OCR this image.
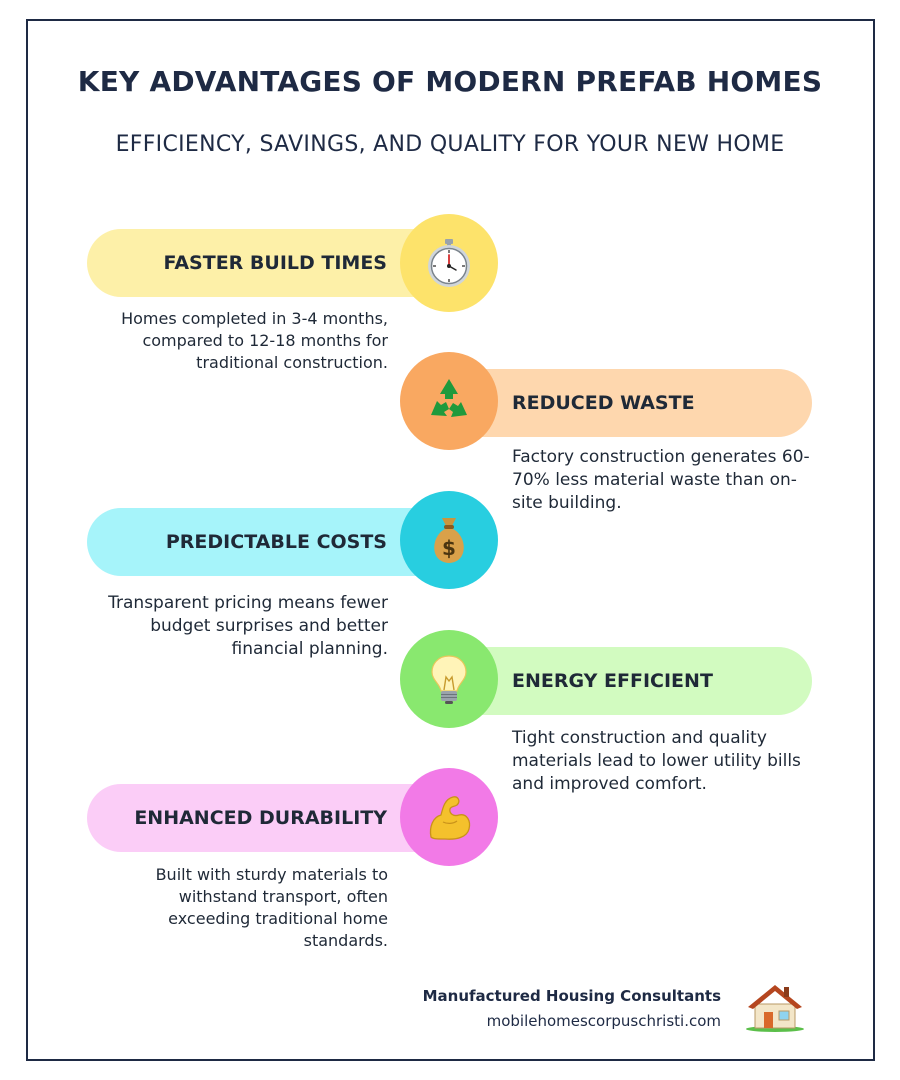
KEY ADVANTAGES OF MODERN PREFAB HOMES
EFFICIENCY, SAVINGS, AND QUALITY FOR YOUR NEW HOME
FASTER BUILD TIMES
Homes completed in 3-4 months, compared to 12-18 months for traditional construction.
REDUCED WASTE
Factory construction generates 60-70% less material waste than on-site building.
PREDICTABLE COSTS	$
Transparent pricing means fewer budget surprises and better financial planning.
ENERGY EFFICIENT
Tight construction and quality materials lead to lower utility bills and improved comfort.
ENHANCED DURABILITY
Built with sturdy materials to withstand transport, often exceeding traditional home standards.
Manufactured Housing Consultants
mobilehomescorpuschristi.com
